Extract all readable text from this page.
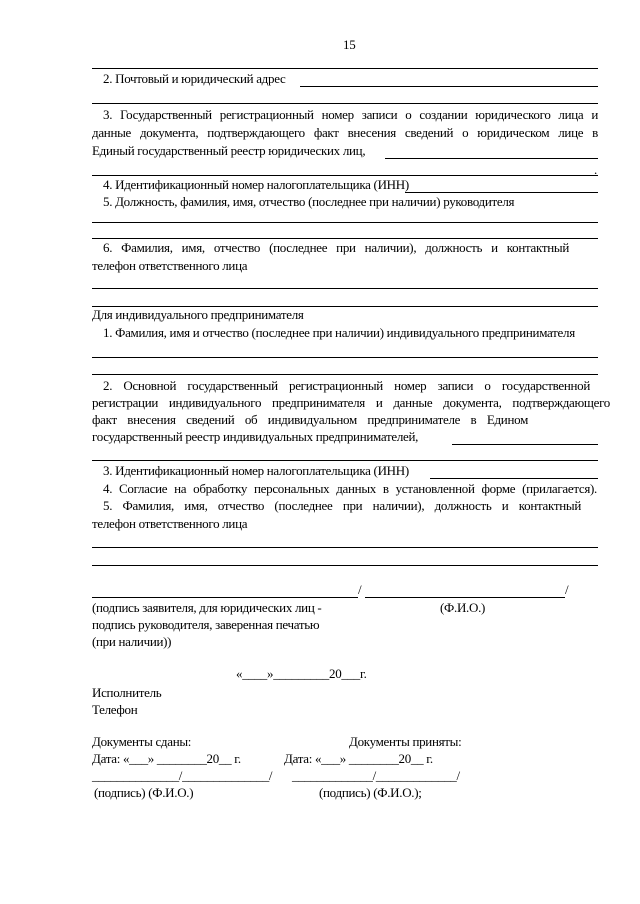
15
2. Почтовый и юридический адрес
3. Государственный регистрационный номер записи о создании юридического лица и
данные документа, подтверждающего факт внесения сведений о юридическом лице в
Единый государственный реестр юридических лиц,
.
4. Идентификационный номер налогоплательщика (ИНН)
5. Должность, фамилия, имя, отчество (последнее при наличии) руководителя
6. Фамилия, имя, отчество (последнее при наличии), должность и контактный
телефон ответственного лица
Для индивидуального предпринимателя
1. Фамилия, имя и отчество (последнее при наличии) индивидуального предпринимателя
2. Основной государственный регистрационный номер записи о государственной
регистрации индивидуального предпринимателя и данные документа, подтверждающего
факт внесения сведений об индивидуальном предпринимателе в Едином
государственный реестр индивидуальных предпринимателей,
3. Идентификационный номер налогоплательщика (ИНН)
4. Согласие на обработку персональных данных в установленной форме (прилагается).
5. Фамилия, имя, отчество (последнее при наличии), должность и контактный
телефон ответственного лица
/	/
(подпись заявителя, для юридических лиц -	(Ф.И.О.)
подпись руководителя, заверенная печатью
(при наличии))
«____»_________20___г.
Исполнитель
Телефон
Документы сданы:	Документы приняты:
Дата: «___» ________20__ г.	Дата: «___» ________20__ г.
______________/______________/ _____________/_____________/
(подпись) (Ф.И.О.)	(подпись) (Ф.И.О.);
